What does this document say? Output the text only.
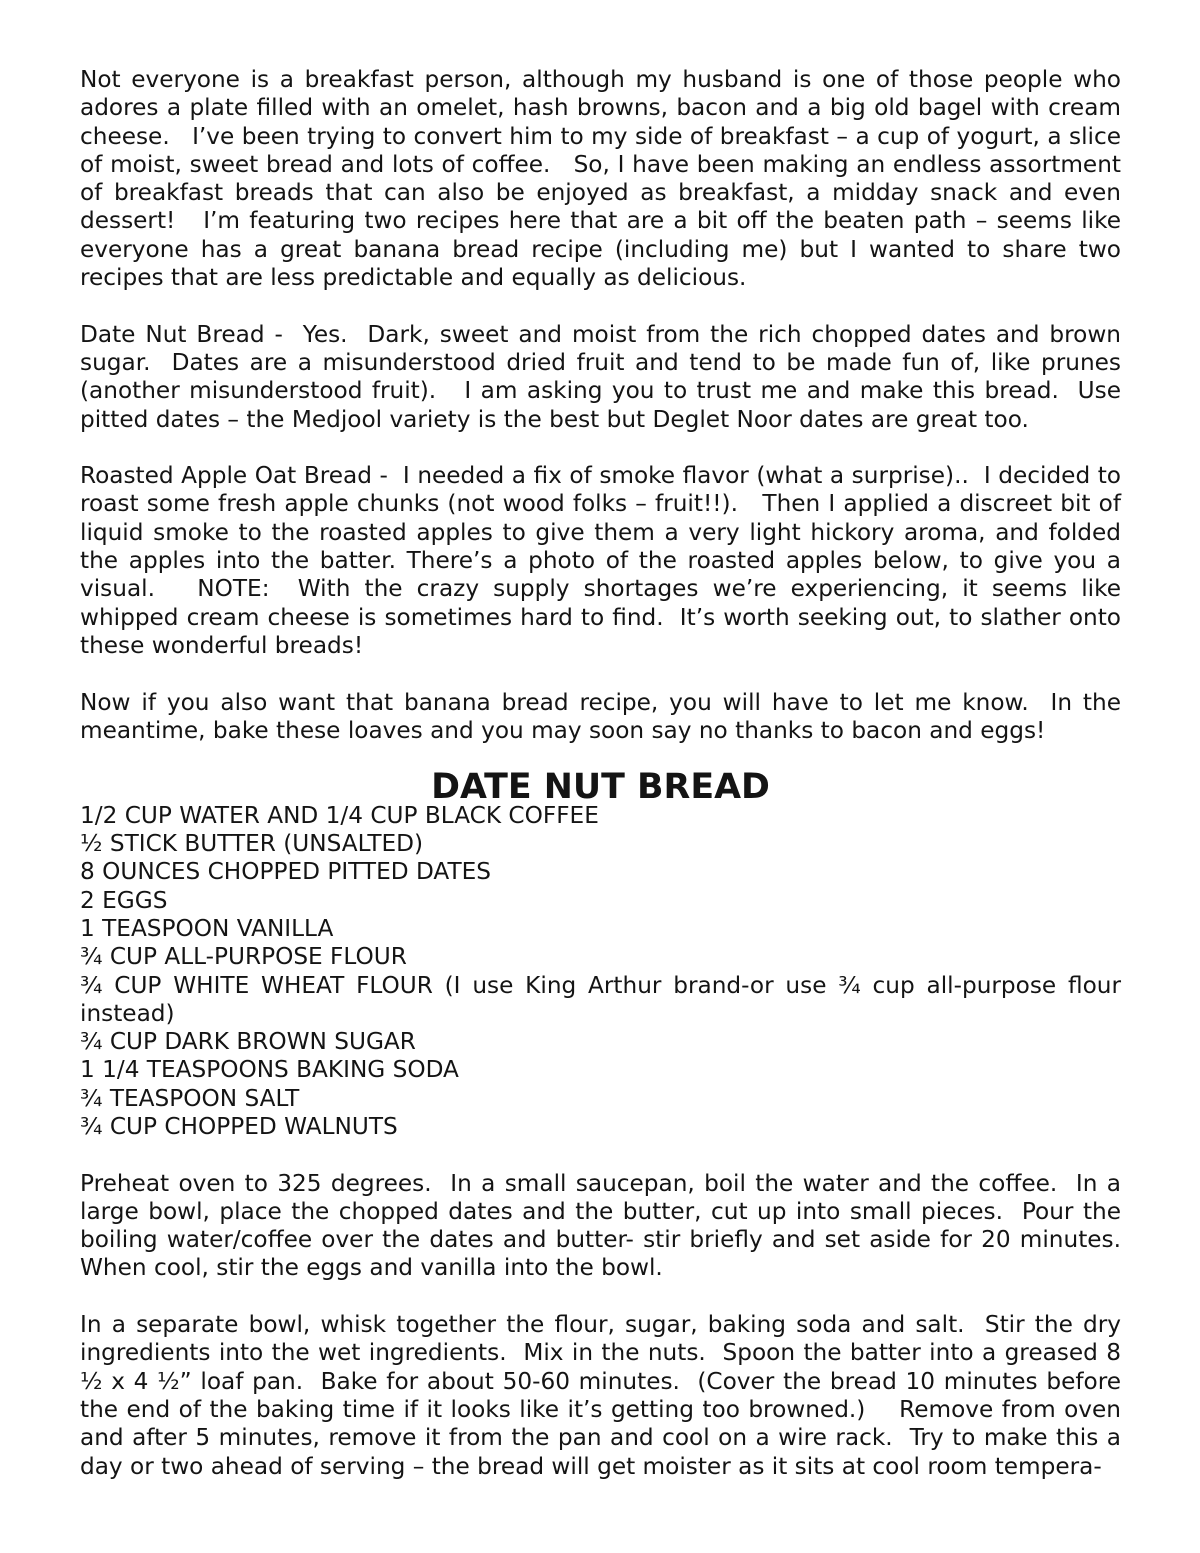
Not everyone is a breakfast person, although my husband is one of those people who adores a plate filled with an omelet, hash browns, bacon and a big old bagel with cream cheese.   I’ve been trying to convert him to my side of breakfast – a cup of yogurt, a slice of moist, sweet bread and lots of coffee.   So, I have been making an endless assortment of breakfast breads that can also be enjoyed as breakfast, a midday snack and even dessert!   I’m featuring two recipes here that are a bit off the beaten path – seems like everyone has a great banana bread recipe (including me) but I wanted to share two recipes that are less predictable and equally as delicious.

Date Nut Bread -  Yes.  Dark, sweet and moist from the rich chopped dates and brown sugar.  Dates are a misunderstood dried fruit and tend to be made fun of, like prunes (another misunderstood fruit).   I am asking you to trust me and make this bread.  Use pitted dates – the Medjool variety is the best but Deglet Noor dates are great too.

Roasted Apple Oat Bread -  I needed a fix of smoke flavor (what a surprise)..  I decided to roast some fresh apple chunks (not wood folks – fruit!!).   Then I applied a discreet bit of liquid smoke to the roasted apples to give them a very light hickory aroma, and folded the apples into the batter. There’s a photo of the roasted apples below, to give you a visual.   NOTE:  With the crazy supply shortages we’re experiencing, it seems like whipped cream cheese is sometimes hard to find.  It’s worth seeking out, to slather onto these wonderful breads!

Now if you also want that banana bread recipe, you will have to let me know.  In the meantime, bake these loaves and you may soon say no thanks to bacon and eggs!

DATE NUT BREAD
1/2 CUP WATER AND 1/4 CUP BLACK COFFEE
½ STICK BUTTER (UNSALTED)
8 OUNCES CHOPPED PITTED DATES
2 EGGS
1 TEASPOON VANILLA
¾ CUP ALL-PURPOSE FLOUR
¾ CUP WHITE WHEAT FLOUR (I use King Arthur brand-or use ¾ cup all-purpose flour instead)
¾ CUP DARK BROWN SUGAR
1 1/4 TEASPOONS BAKING SODA
¾ TEASPOON SALT
¾ CUP CHOPPED WALNUTS

Preheat oven to 325 degrees.  In a small saucepan, boil the water and the coffee.  In a large bowl, place the chopped dates and the butter, cut up into small pieces.  Pour the boiling water/coffee over the dates and butter- stir briefly and set aside for 20 minutes.  When cool, stir the eggs and vanilla into the bowl.

In a separate bowl, whisk together the flour, sugar, baking soda and salt.  Stir the dry ingredients into the wet ingredients.  Mix in the nuts.  Spoon the batter into a greased 8 ½ x 4 ½” loaf pan.  Bake for about 50-60 minutes.  (Cover the bread 10 minutes before the end of the baking time if it looks like it’s getting too browned.)    Remove from oven and after 5 minutes, remove it from the pan and cool on a wire rack.  Try to make this a day or two ahead of serving – the bread will get moister as it sits at cool room tempera-
